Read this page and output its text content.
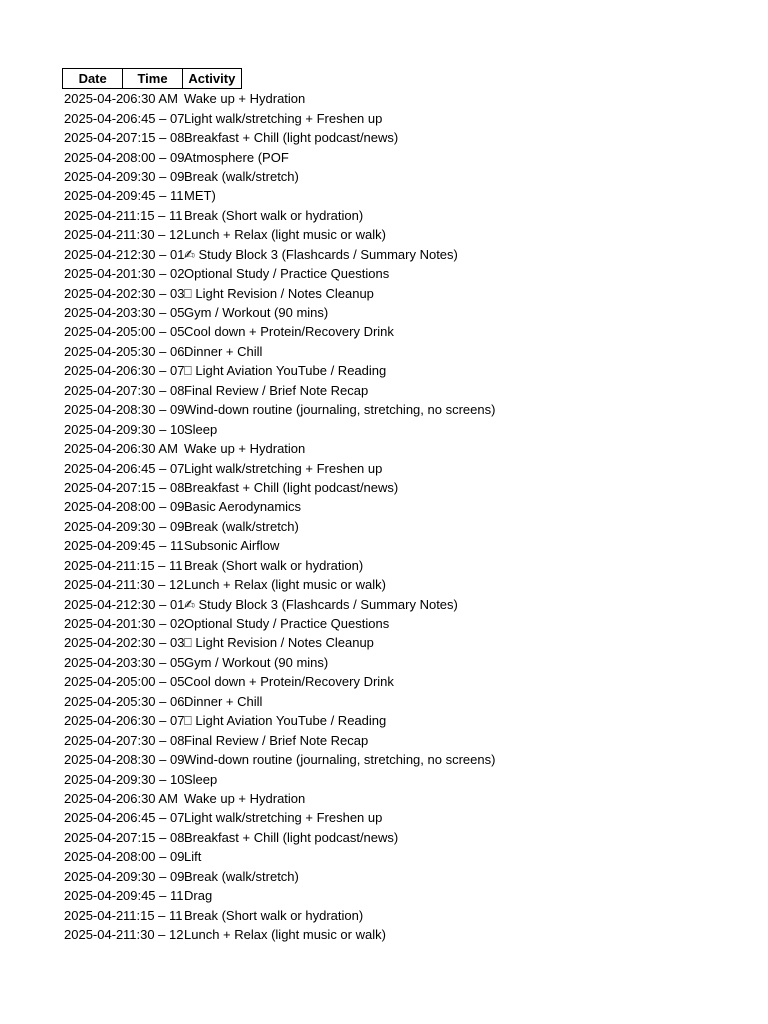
Date	Time	Activity
2025-04-2 06:30 AM Wake up + Hydration
2025-04-2 06:45 – 07 Light walk/stretching + Freshen up
2025-04-2 07:15 – 08 Breakfast + Chill (light podcast/news)
2025-04-2 08:00 – 09 Atmosphere (POF
2025-04-2 09:30 – 09 Break (walk/stretch)
2025-04-2 09:45 – 11 MET)
2025-04-2 11:15 – 11 Break (Short walk or hydration)
2025-04-2 11:30 – 12 Lunch + Relax (light music or walk)
2025-04-2 12:30 – 01 ✍ Study Block 3 (Flashcards / Summary Notes)
2025-04-2 01:30 – 02 Optional Study / Practice Questions
2025-04-2 02:30 – 03 ⎕ Light Revision / Notes Cleanup
2025-04-2 03:30 – 05 Gym / Workout (90 mins)
2025-04-2 05:00 – 05 Cool down + Protein/Recovery Drink
2025-04-2 05:30 – 06 Dinner + Chill
2025-04-2 06:30 – 07 ⎕ Light Aviation YouTube / Reading
2025-04-2 07:30 – 08 Final Review / Brief Note Recap
2025-04-2 08:30 – 09 Wind-down routine (journaling, stretching, no screens)
2025-04-2 09:30 – 10 Sleep
2025-04-2 06:30 AM Wake up + Hydration
2025-04-2 06:45 – 07 Light walk/stretching + Freshen up
2025-04-2 07:15 – 08 Breakfast + Chill (light podcast/news)
2025-04-2 08:00 – 09 Basic Aerodynamics
2025-04-2 09:30 – 09 Break (walk/stretch)
2025-04-2 09:45 – 11 Subsonic Airflow
2025-04-2 11:15 – 11 Break (Short walk or hydration)
2025-04-2 11:30 – 12 Lunch + Relax (light music or walk)
2025-04-2 12:30 – 01 ✍ Study Block 3 (Flashcards / Summary Notes)
2025-04-2 01:30 – 02 Optional Study / Practice Questions
2025-04-2 02:30 – 03 ⎕ Light Revision / Notes Cleanup
2025-04-2 03:30 – 05 Gym / Workout (90 mins)
2025-04-2 05:00 – 05 Cool down + Protein/Recovery Drink
2025-04-2 05:30 – 06 Dinner + Chill
2025-04-2 06:30 – 07 ⎕ Light Aviation YouTube / Reading
2025-04-2 07:30 – 08 Final Review / Brief Note Recap
2025-04-2 08:30 – 09 Wind-down routine (journaling, stretching, no screens)
2025-04-2 09:30 – 10 Sleep
2025-04-2 06:30 AM Wake up + Hydration
2025-04-2 06:45 – 07 Light walk/stretching + Freshen up
2025-04-2 07:15 – 08 Breakfast + Chill (light podcast/news)
2025-04-2 08:00 – 09 Lift
2025-04-2 09:30 – 09 Break (walk/stretch)
2025-04-2 09:45 – 11 Drag
2025-04-2 11:15 – 11 Break (Short walk or hydration)
2025-04-2 11:30 – 12 Lunch + Relax (light music or walk)
